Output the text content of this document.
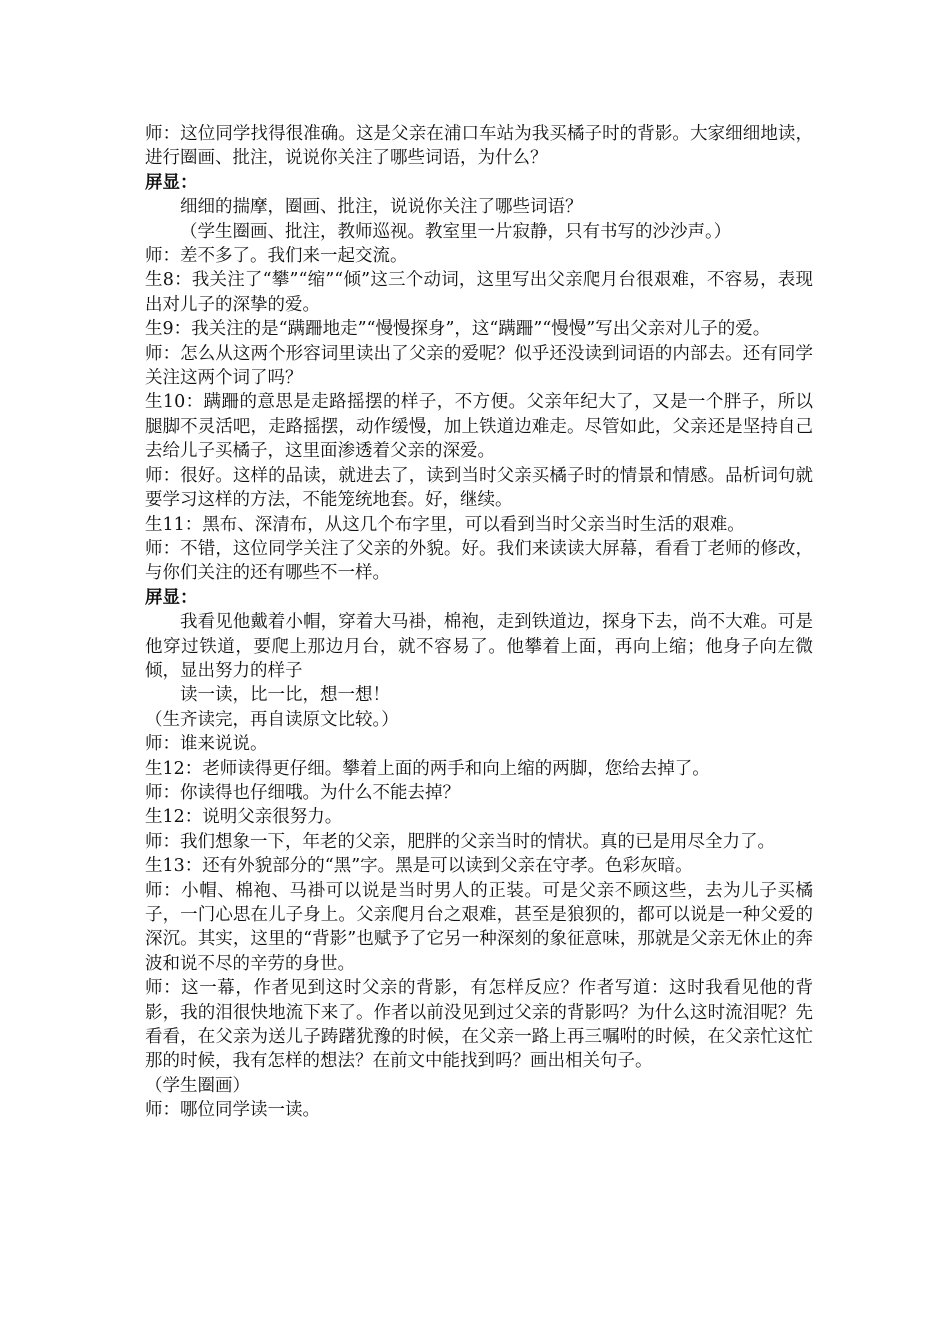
师：这位同学找得很准确。这是父亲在浦口车站为我买橘子时的背影。大家细细地读，进行圈画、批注，说说你关注了哪些词语，为什么？

屏显：

细细的揣摩，圈画、批注，说说你关注了哪些词语？

（学生圈画、批注，教师巡视。教室里一片寂静，只有书写的沙沙声。）

师：差不多了。我们来一起交流。

生8：我关注了“攀”“缩”“倾”这三个动词，这里写出父亲爬月台很艰难，不容易，表现出对儿子的深挚的爱。

生9：我关注的是“蹒跚地走”“慢慢探身”，这“蹒跚”“慢慢”写出父亲对儿子的爱。

师：怎么从这两个形容词里读出了父亲的爱呢？似乎还没读到词语的内部去。还有同学关注这两个词了吗？

生10：蹒跚的意思是走路摇摆的样子，不方便。父亲年纪大了，又是一个胖子，所以腿脚不灵活吧，走路摇摆，动作缓慢，加上铁道边难走。尽管如此，父亲还是坚持自己去给儿子买橘子，这里面渗透着父亲的深爱。

师：很好。这样的品读，就进去了，读到当时父亲买橘子时的情景和情感。品析词句就要学习这样的方法，不能笼统地套。好，继续。

生11：黑布、深清布，从这几个布字里，可以看到当时父亲当时生活的艰难。

师：不错，这位同学关注了父亲的外貌。好。我们来读读大屏幕，看看丁老师的修改，与你们关注的还有哪些不一样。

屏显：

我看见他戴着小帽，穿着大马褂，棉袍，走到铁道边，探身下去，尚不大难。可是他穿过铁道，要爬上那边月台，就不容易了。他攀着上面，再向上缩；他身子向左微倾，显出努力的样子

读一读，比一比，想一想！

（生齐读完，再自读原文比较。）

师：谁来说说。

生12：老师读得更仔细。攀着上面的两手和向上缩的两脚，您给去掉了。

师：你读得也仔细哦。为什么不能去掉？

生12：说明父亲很努力。

师：我们想象一下，年老的父亲，肥胖的父亲当时的情状。真的已是用尽全力了。

生13：还有外貌部分的“黑”字。黑是可以读到父亲在守孝。色彩灰暗。

师：小帽、棉袍、马褂可以说是当时男人的正装。可是父亲不顾这些，去为儿子买橘子，一门心思在儿子身上。父亲爬月台之艰难，甚至是狼狈的，都可以说是一种父爱的深沉。其实，这里的“背影”也赋予了它另一种深刻的象征意味，那就是父亲无休止的奔波和说不尽的辛劳的身世。

师：这一幕，作者见到这时父亲的背影，有怎样反应？作者写道：这时我看见他的背影，我的泪很快地流下来了。作者以前没见到过父亲的背影吗？为什么这时流泪呢？先看看，在父亲为送儿子踌躇犹豫的时候，在父亲一路上再三嘱咐的时候，在父亲忙这忙那的时候，我有怎样的想法？在前文中能找到吗？画出相关句子。

（学生圈画）

师：哪位同学读一读。
